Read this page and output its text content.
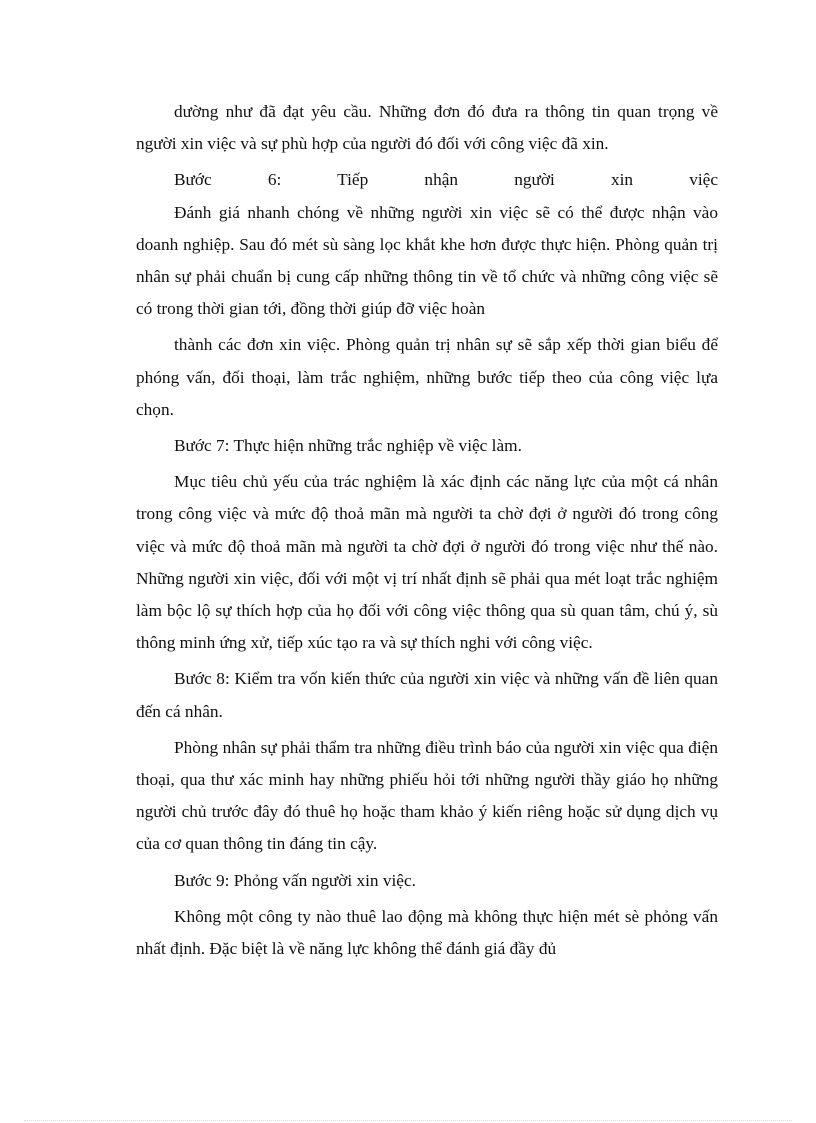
dường như đã đạt yêu cầu. Những đơn đó đưa ra thông tin quan trọng về người xin việc và sự phù hợp của người đó đối với công việc đã xin.

Bước 6: Tiếp nhận người xin việc

Đánh giá nhanh chóng về những người xin việc sẽ có thể được nhận vào doanh nghiệp. Sau đó mét sù sàng lọc khắt khe hơn được thực hiện. Phòng quản trị nhân sự phải chuẩn bị cung cấp những thông tin về tổ chức và những công việc sẽ có trong thời gian tới, đồng thời giúp đỡ việc hoàn

thành các đơn xin việc. Phòng quản trị nhân sự sẽ sắp xếp thời gian biểu để phóng vấn, đối thoại, làm trắc nghiệm, những bước tiếp theo của công việc lựa chọn.

Bước 7: Thực hiện những trắc nghiệp về việc làm.

Mục tiêu chủ yếu của trác nghiệm là xác định các năng lực của một cá nhân trong công việc và mức độ thoả mãn mà người ta chờ đợi ở người đó trong công việc và mức độ thoả mãn mà người ta chờ đợi ở người đó trong việc như thế nào. Những người xin việc, đối với một vị trí nhất định sẽ phải qua mét loạt trắc nghiệm làm bộc lộ sự thích hợp của họ đối với công việc thông qua sù quan tâm, chú ý, sù thông minh ứng xử, tiếp xúc tạo ra và sự thích nghi với công việc.

Bước 8: Kiểm tra vốn kiến thức của người xin việc và những vấn đề liên quan đến cá nhân.

Phòng nhân sự phải thẩm tra những điều trình báo của người xin việc qua điện thoại, qua thư xác minh hay những phiếu hỏi tới những người thầy giáo họ những người chủ trước đây đó thuê họ hoặc tham khảo ý kiến riêng hoặc sử dụng dịch vụ của cơ quan thông tin đáng tin cậy.

Bước 9: Phỏng vấn người xin việc.

Không một công ty nào thuê lao động mà không thực hiện mét sè phỏng vấn nhất định. Đặc biệt là về năng lực không thể đánh giá đầy đủ
